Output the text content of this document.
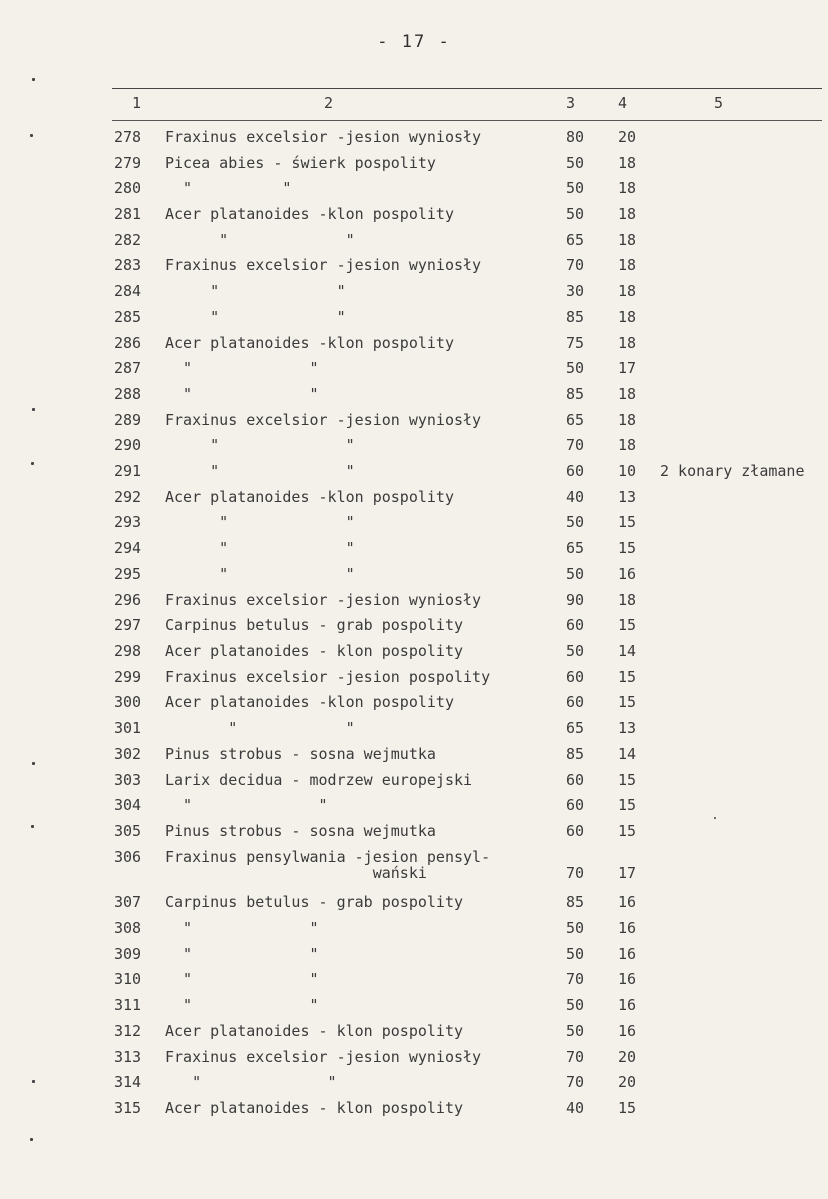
- 17 -
1	2	3	4	5
278 Fraxinus excelsior -jesion wyniosły	80 20
279 Picea abies - świerk pospolity	50 18
280 "          "	50 18
281 Acer platanoides -klon pospolity	50 18
282 "             "	65 18
283 Fraxinus excelsior -jesion wyniosły	70 18
284 "             "	30 18
285 "             "	85 18
286 Acer platanoides -klon pospolity	75 18
287 "             "	50 17
288 "             "	85 18
289 Fraxinus excelsior -jesion wyniosły	65 18
290 "              "	70 18
291 "              "	60 10 2 konary złamane
292 Acer platanoides -klon pospolity	40 13
293 "             "	50 15
294 "             "	65 15
295 "             "	50 16
296 Fraxinus excelsior -jesion wyniosły	90 18
297 Carpinus betulus - grab pospolity	60 15
298 Acer platanoides - klon pospolity	50 14
299 Fraxinus excelsior -jesion pospolity	60 15
300 Acer platanoides -klon pospolity	60 15
301 "            "	65 13
302 Pinus strobus - sosna wejmutka	85 14
303 Larix decidua - modrzew europejski	60 15
304 "              "	60 15
305 Pinus strobus - sosna wejmutka	60 15
306 Fraxinus pensylwania -jesion pensyl-
wański	70 17
307 Carpinus betulus - grab pospolity	85 16
308 "             "	50 16
309 "             "	50 16
310 "             "	70 16
311 "             "	50 16
312 Acer platanoides - klon pospolity	50 16
313 Fraxinus excelsior -jesion wyniosły	70 20
314 "              "	70 20
315 Acer platanoides - klon pospolity	40 15
